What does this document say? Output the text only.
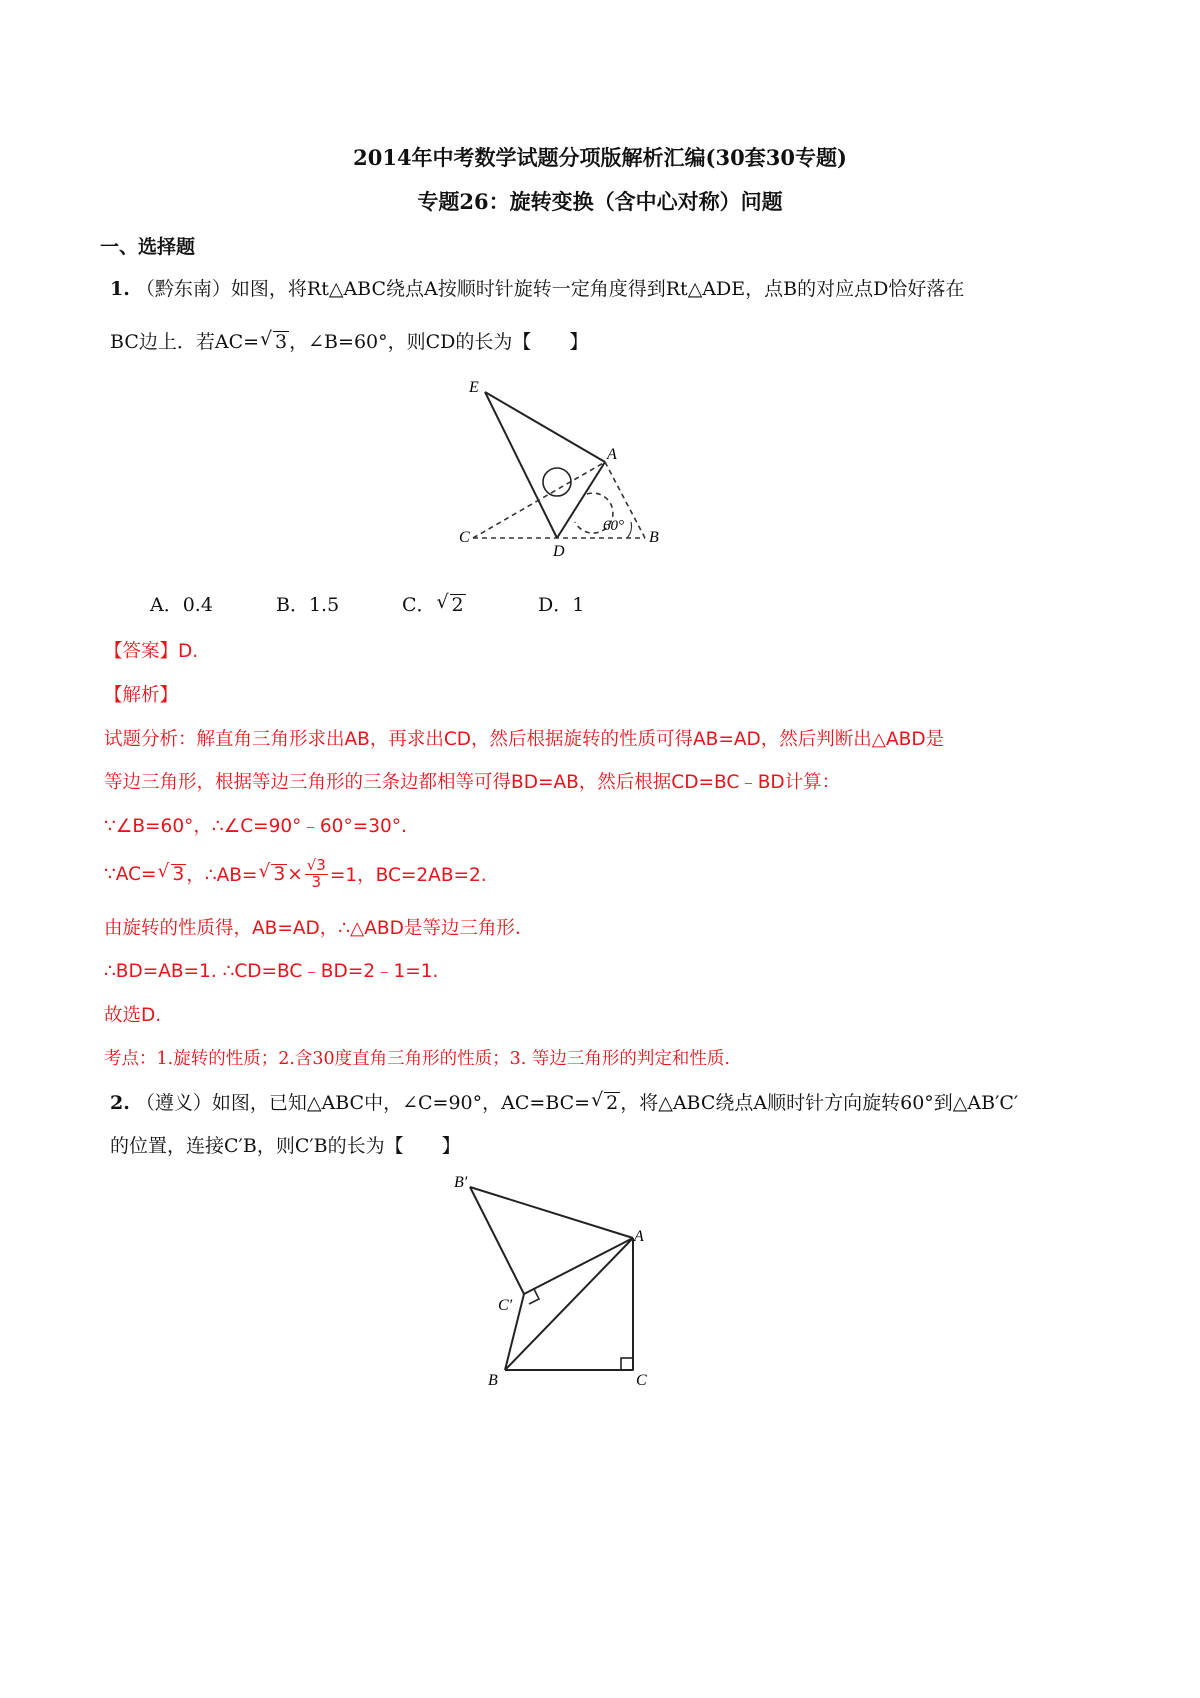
2014年中考数学试题分项版解析汇编(30套30专题)
专题26：旋转变换（含中心对称）问题
一、选择题
1. （黔东南）如图，将Rt△ABC绕点A按顺时针旋转一定角度得到Rt△ADE，点B的对应点D恰好落在
BC边上．若AC= √ 3 ，∠B=60°，则CD的长为【　　】
E
A
C
D
B
60°
A．0.4	B．1.5	C． √ 2	D．1
【答案】D.
【解析】
试题分析：解直角三角形求出AB，再求出CD，然后根据旋转的性质可得AB=AD，然后判断出△ABD是
等边三角形，根据等边三角形的三条边都相等可得BD=AB，然后根据CD=BC﹣BD计算：
∵∠B=60°，∴∠C=90°﹣60°=30°.
∵AC= √ 3 ，∴AB= √ $3 \times \frac{√3}{3} =1$，BC=2AB=2.
由旋转的性质得，AB=AD，∴△ABD是等边三角形.
∴BD=AB=1. ∴CD=BC﹣BD=2﹣1=1.
故选D.
考点：1.旋转的性质；2.含30度直角三角形的性质；3. 等边三角形的判定和性质.
2. （遵义）如图，已知△ABC中，∠C=90°，AC=BC= √ 2 ，将△ABC绕点A顺时针方向旋转60°到△AB′C′
的位置，连接C′B，则C′B的长为【　　】
B′
A
C′
B	C
